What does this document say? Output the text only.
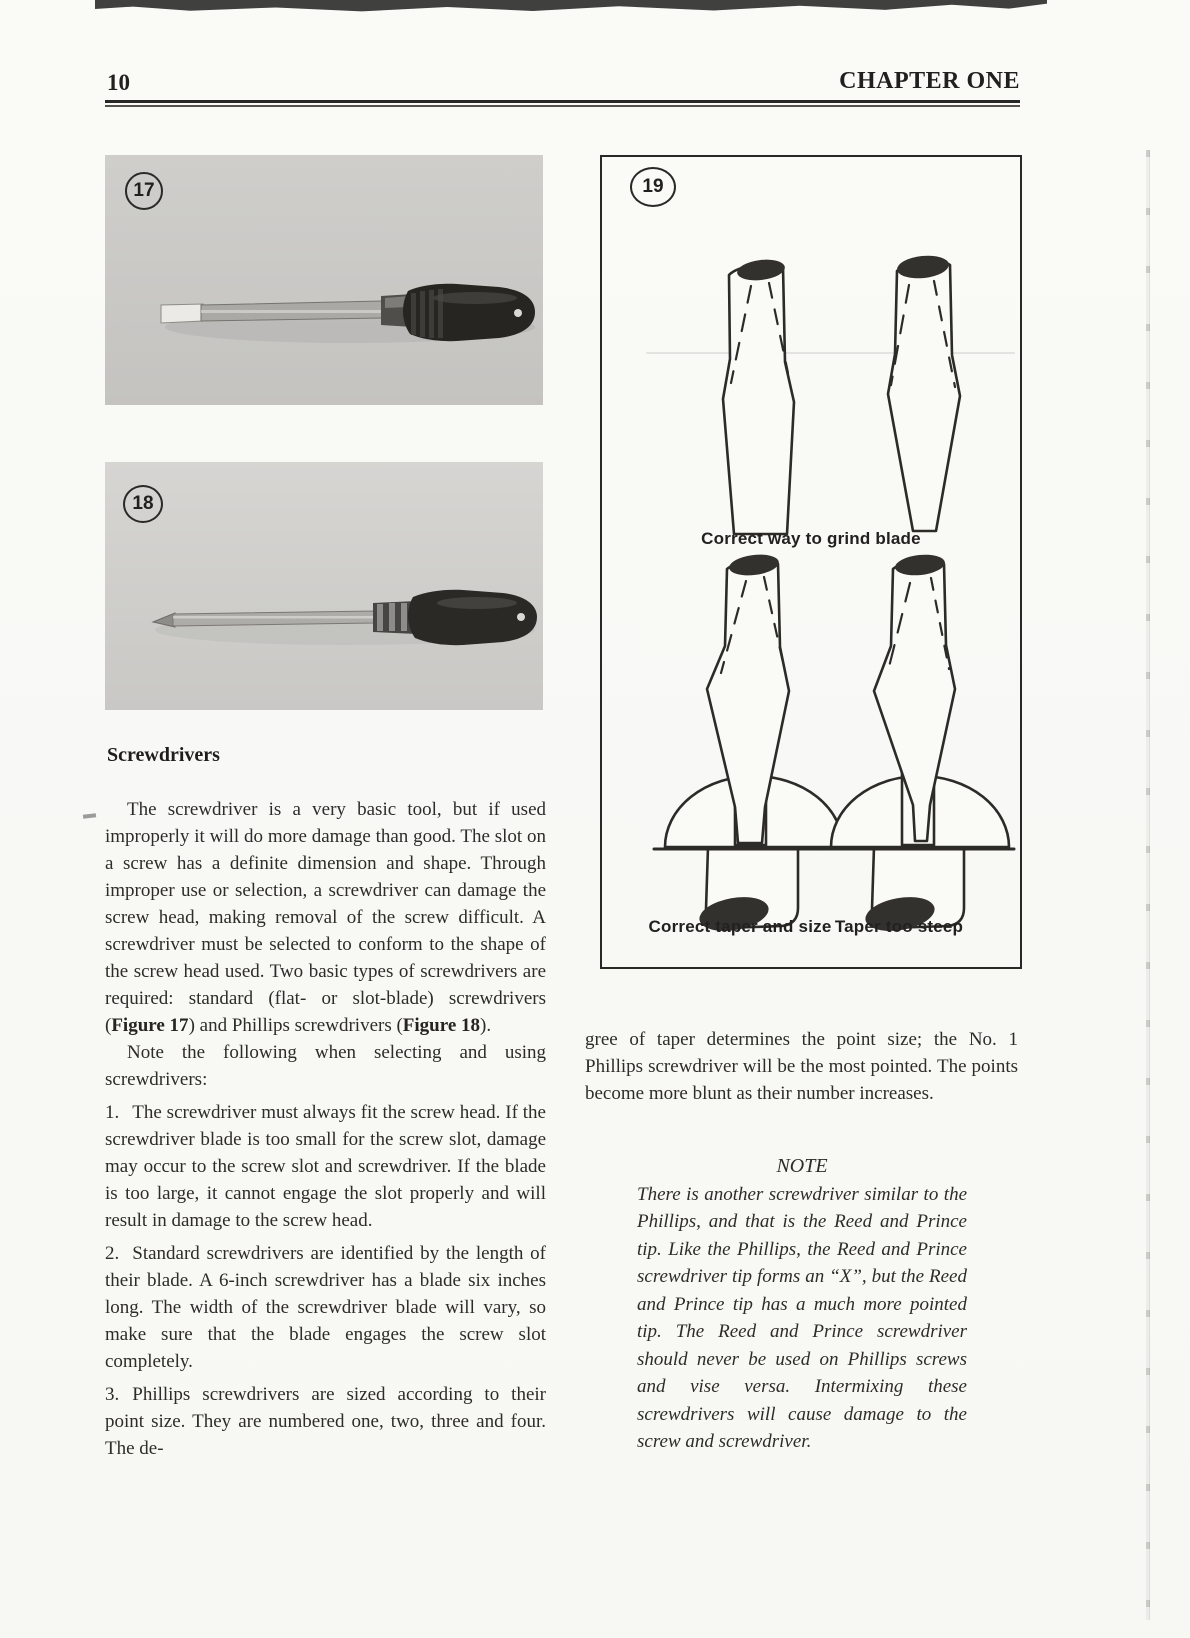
10	CHAPTER ONE
17
18
19
Correct way to grind blade
Correct taper and size Taper too steep
Screwdrivers

The screwdriver is a very basic tool, but if used improperly it will do more damage than good. The slot on a screw has a definite dimension and shape. Through improper use or selection, a screwdriver can damage the screw head, making removal of the screw difficult. A screwdriver must be selected to conform to the shape of the screw head used. Two basic types of screwdrivers are required: standard (flat- or slot-blade) screwdrivers (Figure 17) and Phillips screwdrivers (Figure 18).

Note the following when selecting and using screwdrivers:

1. The screwdriver must always fit the screw head. If the screwdriver blade is too small for the screw slot, damage may occur to the screw slot and screwdriver. If the blade is too large, it cannot engage the slot properly and will result in damage to the screw head.

2. Standard screwdrivers are identified by the length of their blade. A 6-inch screwdriver has a blade six inches long. The width of the screwdriver blade will vary, so make sure that the blade engages the screw slot completely.

3. Phillips screwdrivers are sized according to their point size. They are numbered one, two, three and four. The de-

gree of taper determines the point size; the No. 1 Phillips screwdriver will be the most pointed. The points become more blunt as their number increases.

NOTE

There is another screwdriver similar to the Phillips, and that is the Reed and Prince tip. Like the Phillips, the Reed and Prince screwdriver tip forms an “X”, but the Reed and Prince tip has a much more pointed tip. The Reed and Prince screwdriver should never be used on Phillips screws and vise versa. Intermixing these screwdrivers will cause damage to the screw and screwdriver.
